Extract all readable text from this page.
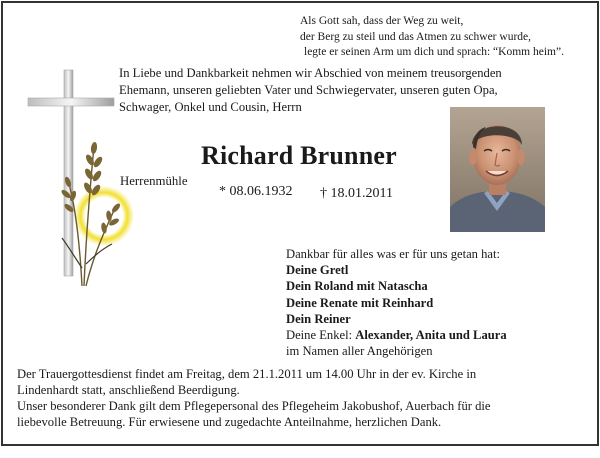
Als Gott sah, dass der Weg zu weit,
der Berg zu steil und das Atmen zu schwer wurde,
legte er seinen Arm um dich und sprach: “Komm heim”.
In Liebe und Dankbarkeit nehmen wir Abschied von meinem treusorgenden
Ehemann, unseren geliebten Vater und Schwiegervater, unseren guten Opa,
Schwager, Onkel und Cousin, Herrn
Richard Brunner
Herrenmühle
* 08.06.1932 † 18.01.2011
Dankbar für alles was er für uns getan hat:
Deine Gretl
Dein Roland mit Natascha
Deine Renate mit Reinhard
Dein Reiner
Deine Enkel: Alexander, Anita und Laura
im Namen aller Angehörigen
Der Trauergottesdienst findet am Freitag, dem 21.1.2011 um 14.00 Uhr in der ev. Kirche in
Lindenhardt statt, anschließend Beerdigung.
Unser besonderer Dank gilt dem Pflegepersonal des Pflegeheim Jakobushof, Auerbach für die
liebevolle Betreuung. Für erwiesene und zugedachte Anteilnahme, herzlichen Dank.
